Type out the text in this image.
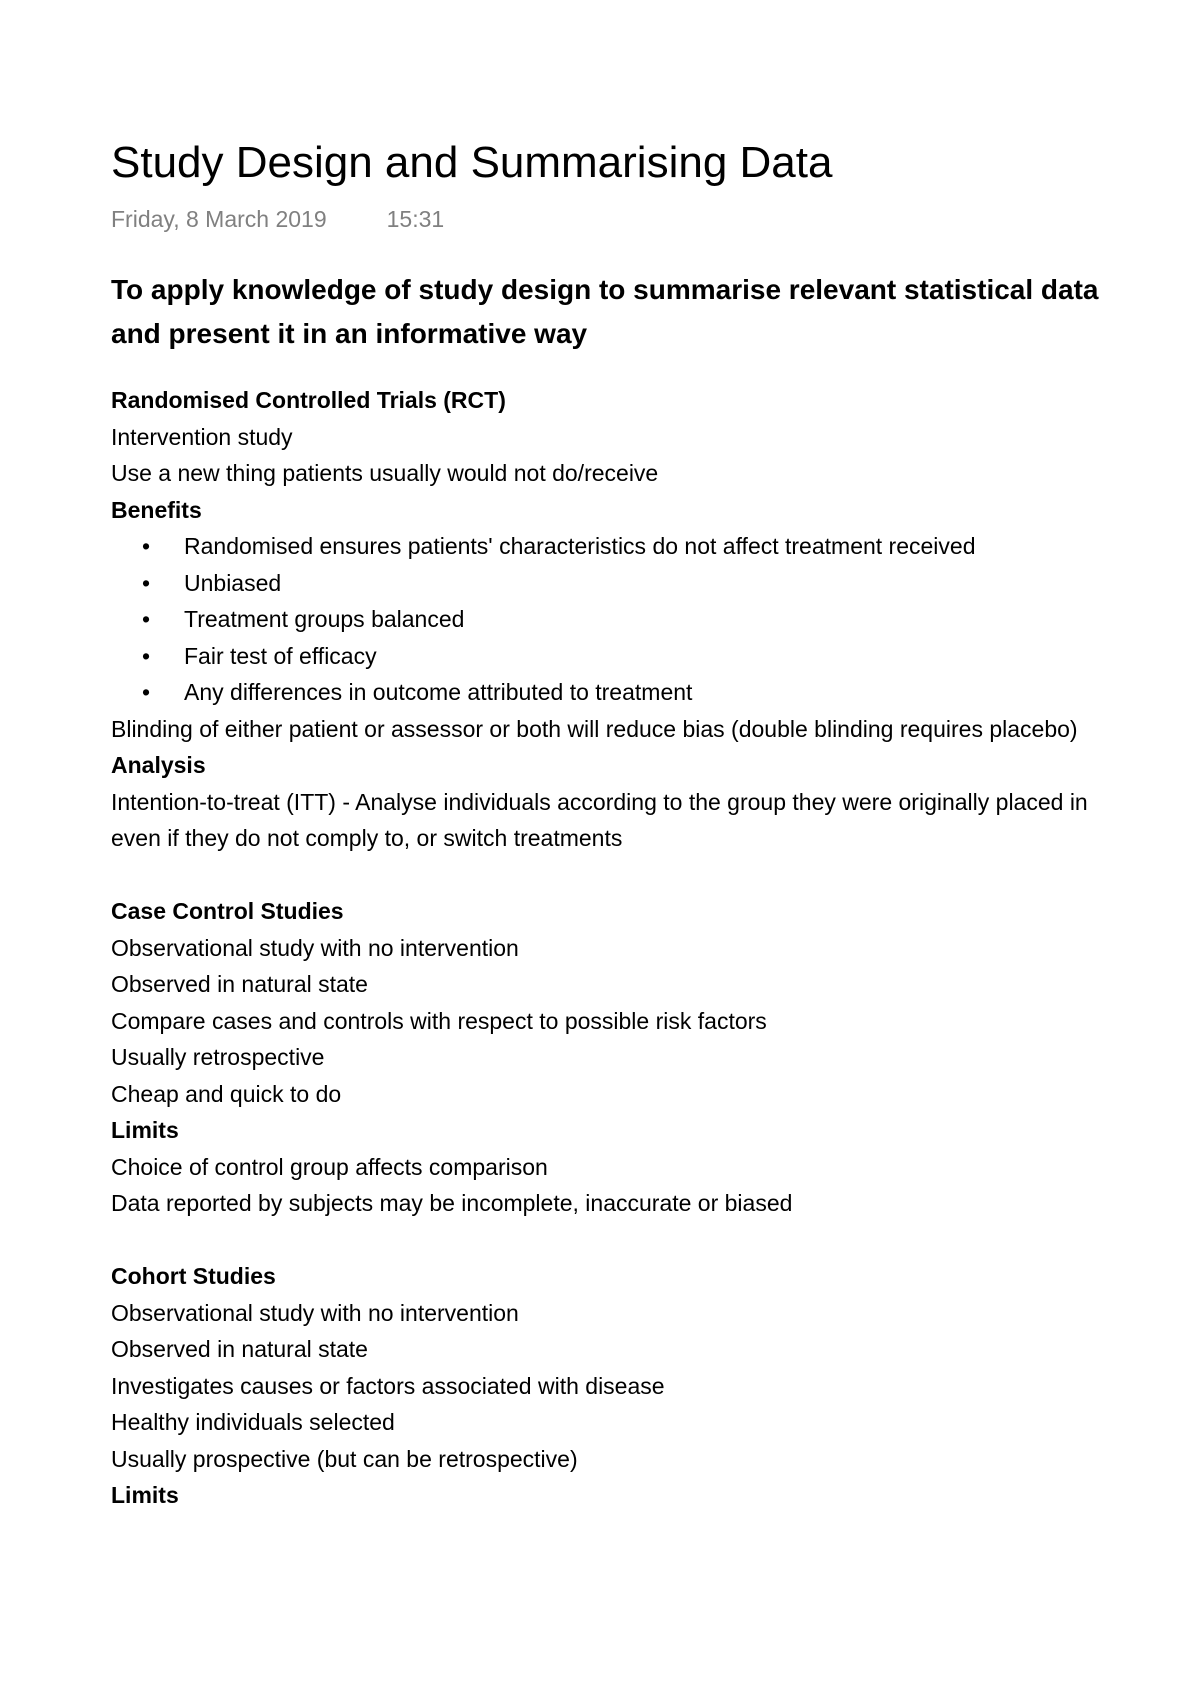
Study Design and Summarising Data
Friday, 8 March 2019	15:31
To apply knowledge of study design to summarise relevant statistical data and present it in an informative way

Randomised Controlled Trials (RCT)

Intervention study

Use a new thing patients usually would not do/receive

Benefits

• Randomised ensures patients' characteristics do not affect treatment received
• Unbiased
• Treatment groups balanced
• Fair test of efficacy
• Any differences in outcome attributed to treatment

Blinding of either patient or assessor or both will reduce bias (double blinding requires placebo)

Analysis

Intention-to-treat (ITT) - Analyse individuals according to the group they were originally placed in even if they do not comply to, or switch treatments

Case Control Studies

Observational study with no intervention

Observed in natural state

Compare cases and controls with respect to possible risk factors

Usually retrospective

Cheap and quick to do

Limits

Choice of control group affects comparison

Data reported by subjects may be incomplete, inaccurate or biased

Cohort Studies

Observational study with no intervention

Observed in natural state

Investigates causes or factors associated with disease

Healthy individuals selected

Usually prospective (but can be retrospective)

Limits
